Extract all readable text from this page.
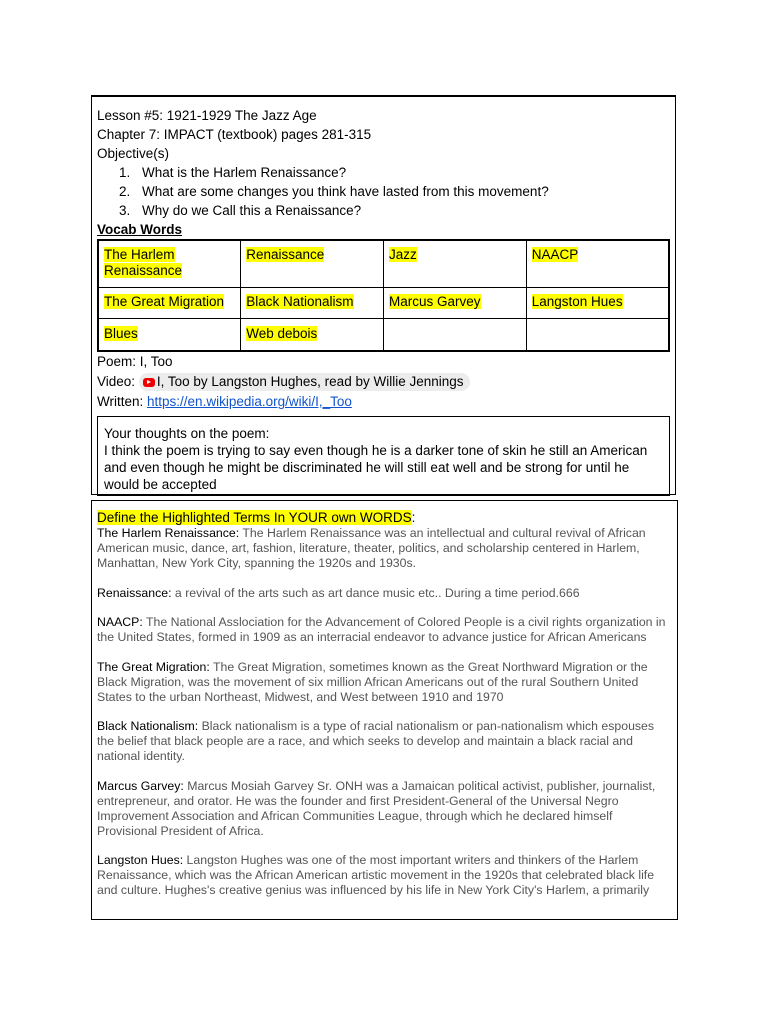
Lesson #5: 1921-1929 The Jazz Age
Chapter 7: IMPACT (textbook) pages 281-315
Objective(s)
1. What is the Harlem Renaissance?
2. What are some changes you think have lasted from this movement?
3. Why do we Call this a Renaissance?
Vocab Words
The Harlem Renaissance	Renaissance	Jazz	NAACP
The Great Migration	Black Nationalism	Marcus Garvey	Langston Hues
Blues	Web debois		
Poem: I, Too
Video: I, Too by Langston Hughes, read by Willie Jennings
Written: https://en.wikipedia.org/wiki/I,_Too
Your thoughts on the poem:
I think the poem is trying to say even though he is a darker tone of skin he still an American and even though he might be discriminated he will still eat well and be strong for until he would be accepted
Define the Highlighted Terms In YOUR own WORDS:
The Harlem Renaissance: The Harlem Renaissance was an intellectual and cultural revival of African American music, dance, art, fashion, literature, theater, politics, and scholarship centered in Harlem, Manhattan, New York City, spanning the 1920s and 1930s.
Renaissance: a revival of the arts such as art dance music etc.. During a time period.666
NAACP: The National Asslociation for the Advancement of Colored People is a civil rights organization in the United States, formed in 1909 as an interracial endeavor to advance justice for African Americans
The Great Migration: The Great Migration, sometimes known as the Great Northward Migration or the Black Migration, was the movement of six million African Americans out of the rural Southern United States to the urban Northeast, Midwest, and West between 1910 and 1970
Black Nationalism: Black nationalism is a type of racial nationalism or pan-nationalism which espouses the belief that black people are a race, and which seeks to develop and maintain a black racial and national identity.
Marcus Garvey: Marcus Mosiah Garvey Sr. ONH was a Jamaican political activist, publisher, journalist, entrepreneur, and orator. He was the founder and first President-General of the Universal Negro Improvement Association and African Communities League, through which he declared himself Provisional President of Africa.
Langston Hues: Langston Hughes was one of the most important writers and thinkers of the Harlem Renaissance, which was the African American artistic movement in the 1920s that celebrated black life and culture. Hughes's creative genius was influenced by his life in New York City's Harlem, a primarily
